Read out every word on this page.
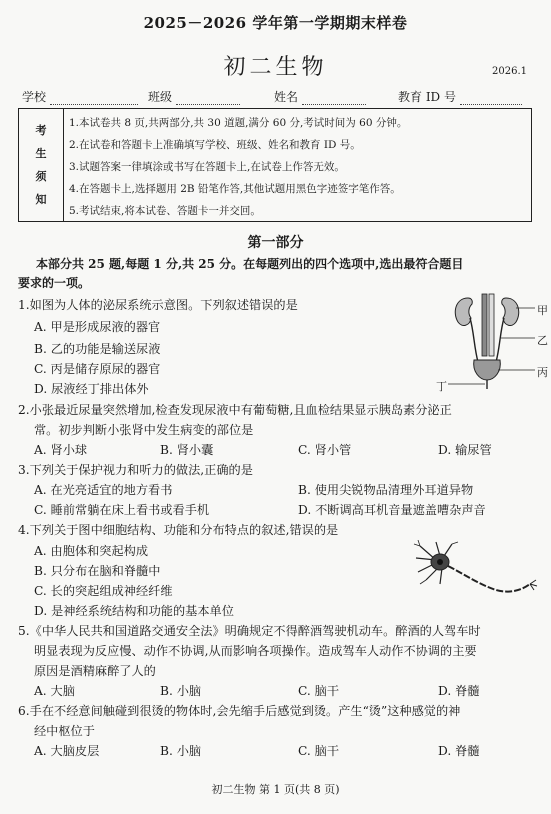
2025－2026 学年第一学期期末样卷
初二生物	2026.1
学校	班级	姓名	教育 ID 号
考
生
须
知
1.本试卷共 8 页,共两部分,共 30 道题,满分 60 分,考试时间为 60 分钟。
2.在试卷和答题卡上准确填写学校、班级、姓名和教育 ID 号。
3.试题答案一律填涂或书写在答题卡上,在试卷上作答无效。
4.在答题卡上,选择题用 2B 铅笔作答,其他试题用黑色字迹签字笔作答。
5.考试结束,将本试卷、答题卡一并交回。
第一部分
本部分共 25 题,每题 1 分,共 25 分。在每题列出的四个选项中,选出最符合题目
要求的一项。
1.如图为人体的泌尿系统示意图。下列叙述错误的是
A. 甲是形成尿液的器官
B. 乙的功能是输送尿液
C. 丙是储存原尿的器官
D. 尿液经丁排出体外
甲
乙
丙
丁
2.小张最近尿量突然增加,检查发现尿液中有葡萄糖,且血检结果显示胰岛素分泌正
常。初步判断小张肾中发生病变的部位是
A. 肾小球	B. 肾小囊	C. 肾小管	D. 输尿管
3.下列关于保护视力和听力的做法,正确的是
A. 在光亮适宜的地方看书	B. 使用尖锐物品清理外耳道异物
C. 睡前常躺在床上看书或看手机	D. 不断调高耳机音量遮盖嘈杂声音
4.下列关于图中细胞结构、功能和分布特点的叙述,错误的是
A. 由胞体和突起构成
B. 只分布在脑和脊髓中
C. 长的突起组成神经纤维
D. 是神经系统结构和功能的基本单位
5.《中华人民共和国道路交通安全法》明确规定不得醉酒驾驶机动车。醉酒的人驾车时
明显表现为反应慢、动作不协调,从而影响各项操作。造成驾车人动作不协调的主要
原因是酒精麻醉了人的
A. 大脑	B. 小脑	C. 脑干	D. 脊髓
6.手在不经意间触碰到很烫的物体时,会先缩手后感觉到烫。产生“烫”这种感觉的神
经中枢位于
A. 大脑皮层	B. 小脑	C. 脑干	D. 脊髓
初二生物 第 1 页(共 8 页)
